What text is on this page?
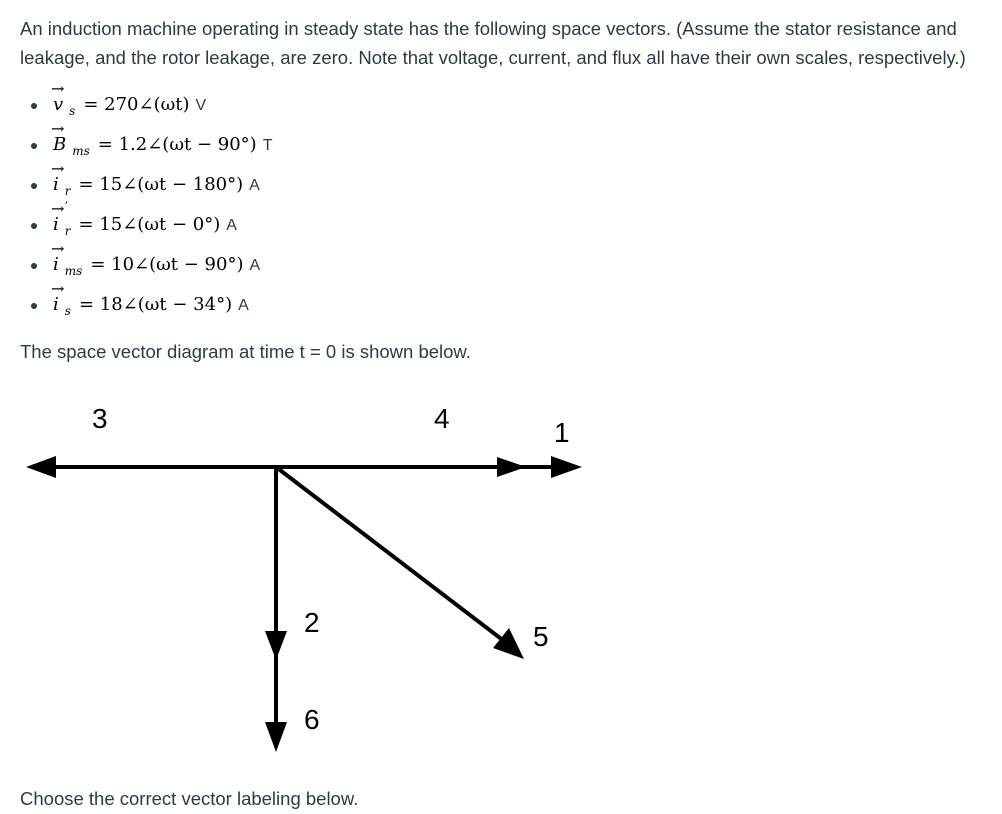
An induction machine operating in steady state has the following space vectors. (Assume the stator resistance and leakage, and the rotor leakage, are zero. Note that voltage, current, and flux all have their own scales, respectively.)

→
v s = 270∠(ωt) V
→
B ms = 1.2∠(ωt − 90°) T
→
i r = 15∠(ωt − 180°) A
→
i
′
r = 15∠(ωt − 0°) A
→
i ms = 10∠(ωt − 90°) A
→
i s = 18∠(ωt − 34°) A

The space vector diagram at time t = 0 is shown below.

3	4	1
2
6
5

Choose the correct vector labeling below.
